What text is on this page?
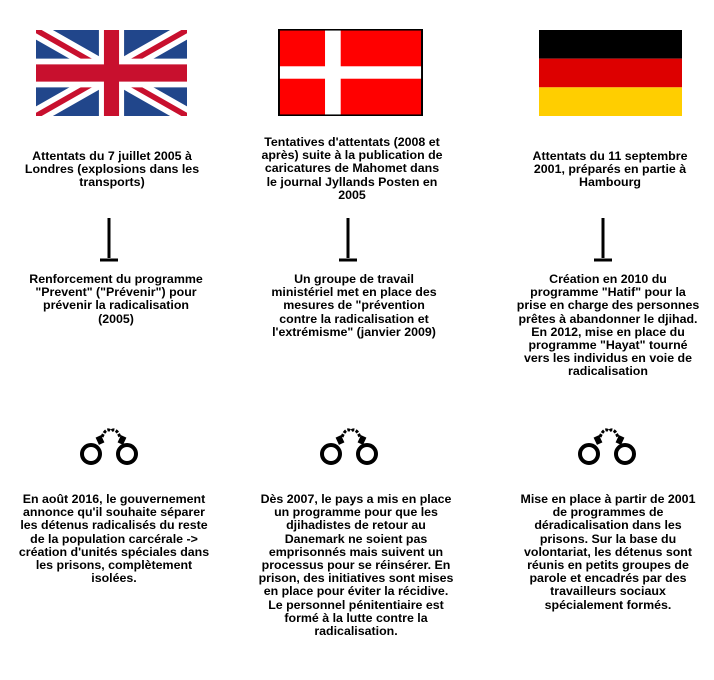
Attentats du 7 juillet 2005 à Londres (explosions dans les transports)

Renforcement du programme "Prevent" ("Prévenir") pour prévenir la radicalisation (2005)

En août 2016, le gouvernement annonce qu'il souhaite séparer les détenus radicalisés du reste de la population carcérale -> création d'unités spéciales dans les prisons, complètement isolées.

Tentatives d'attentats (2008 et après) suite à la publication de caricatures de Mahomet dans le journal Jyllands Posten en 2005

Un groupe de travail ministériel met en place des mesures de "prévention contre la radicalisation et l'extrémisme" (janvier 2009)

Dès 2007, le pays a mis en place un programme pour que les djihadistes de retour au Danemark ne soient pas emprisonnés mais suivent un processus pour se réinsérer. En prison, des initiatives sont mises en place pour éviter la récidive. Le personnel pénitentiaire est formé à la lutte contre la radicalisation.

Attentats du 11 septembre 2001, préparés en partie à Hambourg

Création en 2010 du programme "Hatif" pour la prise en charge des personnes prêtes à abandonner le djihad. En 2012, mise en place du programme "Hayat" tourné vers les individus en voie de radicalisation

Mise en place à partir de 2001 de programmes de déradicalisation dans les prisons. Sur la base du volontariat, les détenus sont réunis en petits groupes de parole et encadrés par des travailleurs sociaux spécialement formés.
